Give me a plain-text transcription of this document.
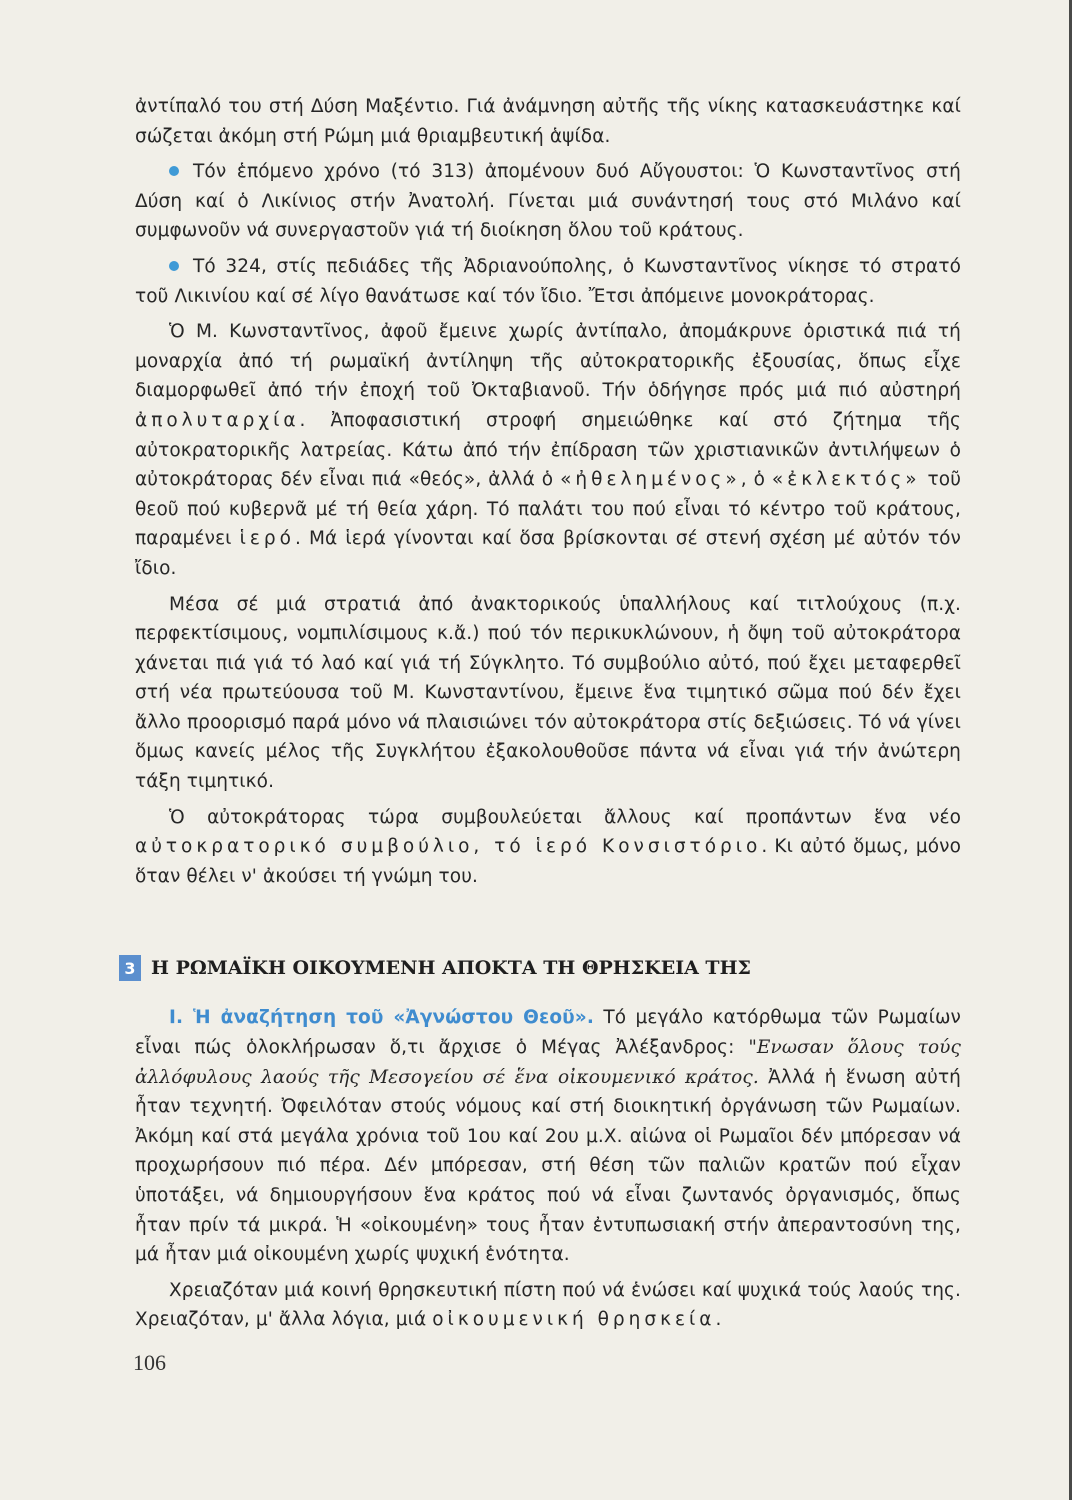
ἀντίπαλό του στή Δύση Μαξέντιο. Γιά ἀνάμνηση αὐτῆς τῆς νίκης κατασκευάστηκε καί σώζεται ἀκόμη στή Ρώμη μιά θριαμβευτική ἁψίδα.

Τόν ἑπόμενο χρόνο (τό 313) ἀπομένουν δυό Αὔγουστοι: Ὁ Κωνσταντῖνος στή Δύση καί ὁ Λικίνιος στήν Ἀνατολή. Γίνεται μιά συνάντησή τους στό Μιλάνο καί συμφωνοῦν νά συνεργαστοῦν γιά τή διοίκηση ὅλου τοῦ κράτους.

Τό 324, στίς πεδιάδες τῆς Ἀδριανούπολης, ὁ Κωνσταντῖνος νίκησε τό στρατό τοῦ Λικινίου καί σέ λίγο θανάτωσε καί τόν ἴδιο. Ἔτσι ἀπόμεινε μονοκράτορας.

Ὁ Μ. Κωνσταντῖνος, ἀφοῦ ἔμεινε χωρίς ἀντίπαλο, ἀπομάκρυνε ὁριστικά πιά τή μοναρχία ἀπό τή ρωμαϊκή ἀντίληψη τῆς αὐτοκρατορικῆς ἐξουσίας, ὅπως εἶχε διαμορφωθεῖ ἀπό τήν ἐποχή τοῦ Ὀκταβιανοῦ. Τήν ὁδήγησε πρός μιά πιό αὐστηρή ἀπολυταρχία. Ἀποφασιστική στροφή σημειώθηκε καί στό ζήτημα τῆς αὐτοκρατορικῆς λατρείας. Κάτω ἀπό τήν ἐπίδραση τῶν χριστιανικῶν ἀντιλήψεων ὁ αὐτοκράτορας δέν εἶναι πιά «θεός», ἀλλά ὁ «ἠθελημένος», ὁ «ἐκλεκτός» τοῦ θεοῦ πού κυβερνᾶ μέ τή θεία χάρη. Τό παλάτι του πού εἶναι τό κέντρο τοῦ κράτους, παραμένει ἱερό. Μά ἱερά γίνονται καί ὅσα βρίσκονται σέ στενή σχέση μέ αὐτόν τόν ἴδιο.

Μέσα σέ μιά στρατιά ἀπό ἀνακτορικούς ὑπαλλήλους καί τιτλούχους (π.χ. περφεκτίσιμους, νομπιλίσιμους κ.ἄ.) πού τόν περικυκλώνουν, ἡ ὄψη τοῦ αὐτοκράτορα χάνεται πιά γιά τό λαό καί γιά τή Σύγκλητο. Τό συμβούλιο αὐτό, πού ἔχει μεταφερθεῖ στή νέα πρωτεύουσα τοῦ Μ. Κωνσταντίνου, ἔμεινε ἕνα τιμητικό σῶμα πού δέν ἔχει ἄλλο προορισμό παρά μόνο νά πλαισιώνει τόν αὐτοκράτορα στίς δεξιώσεις. Τό νά γίνει ὅμως κανείς μέλος τῆς Συγκλήτου ἐξακολουθοῦσε πάντα νά εἶναι γιά τήν ἀνώτερη τάξη τιμητικό.

Ὁ αὐτοκράτορας τώρα συμβουλεύεται ἄλλους καί προπάντων ἕνα νέο αὐτοκρατορικό συμβούλιο, τό ἱερό Κονσιστόριο. Κι αὐτό ὅμως, μόνο ὅταν θέλει ν' ἀκούσει τή γνώμη του.

3 Η ΡΩΜΑΪΚΗ ΟΙΚΟΥΜΕΝΗ ΑΠΟΚΤΑ ΤΗ ΘΡΗΣΚΕΙΑ ΤΗΣ

Ι. Ἡ ἀναζήτηση τοῦ «Ἀγνώστου Θεοῦ». Τό μεγάλο κατόρθωμα τῶν Ρωμαίων εἶναι πώς ὁλοκλήρωσαν ὅ,τι ἄρχισε ὁ Μέγας Ἀλέξανδρος: "Ενωσαν ὅλους τούς ἀλλόφυλους λαούς τῆς Μεσογείου σέ ἕνα οἰκουμενικό κράτος. Ἀλλά ἡ ἕνωση αὐτή ἦταν τεχνητή. Ὀφειλόταν στούς νόμους καί στή διοικητική ὀργάνωση τῶν Ρωμαίων. Ἀκόμη καί στά μεγάλα χρόνια τοῦ 1ου καί 2ου μ.Χ. αἰώνα οἱ Ρωμαῖοι δέν μπόρεσαν νά προχωρήσουν πιό πέρα. Δέν μπόρεσαν, στή θέση τῶν παλιῶν κρατῶν πού εἶχαν ὑποτάξει, νά δημιουργήσουν ἕνα κράτος πού νά εἶναι ζωντανός ὀργανισμός, ὅπως ἦταν πρίν τά μικρά. Ἡ «οἰκουμένη» τους ἦταν ἐντυπωσιακή στήν ἀπεραντοσύνη της, μά ἦταν μιά οἰκουμένη χωρίς ψυχική ἑνότητα.

Χρειαζόταν μιά κοινή θρησκευτική πίστη πού νά ἑνώσει καί ψυχικά τούς λαούς της. Χρειαζόταν, μ' ἄλλα λόγια, μιά οἰκουμενική θρησκεία.

106
